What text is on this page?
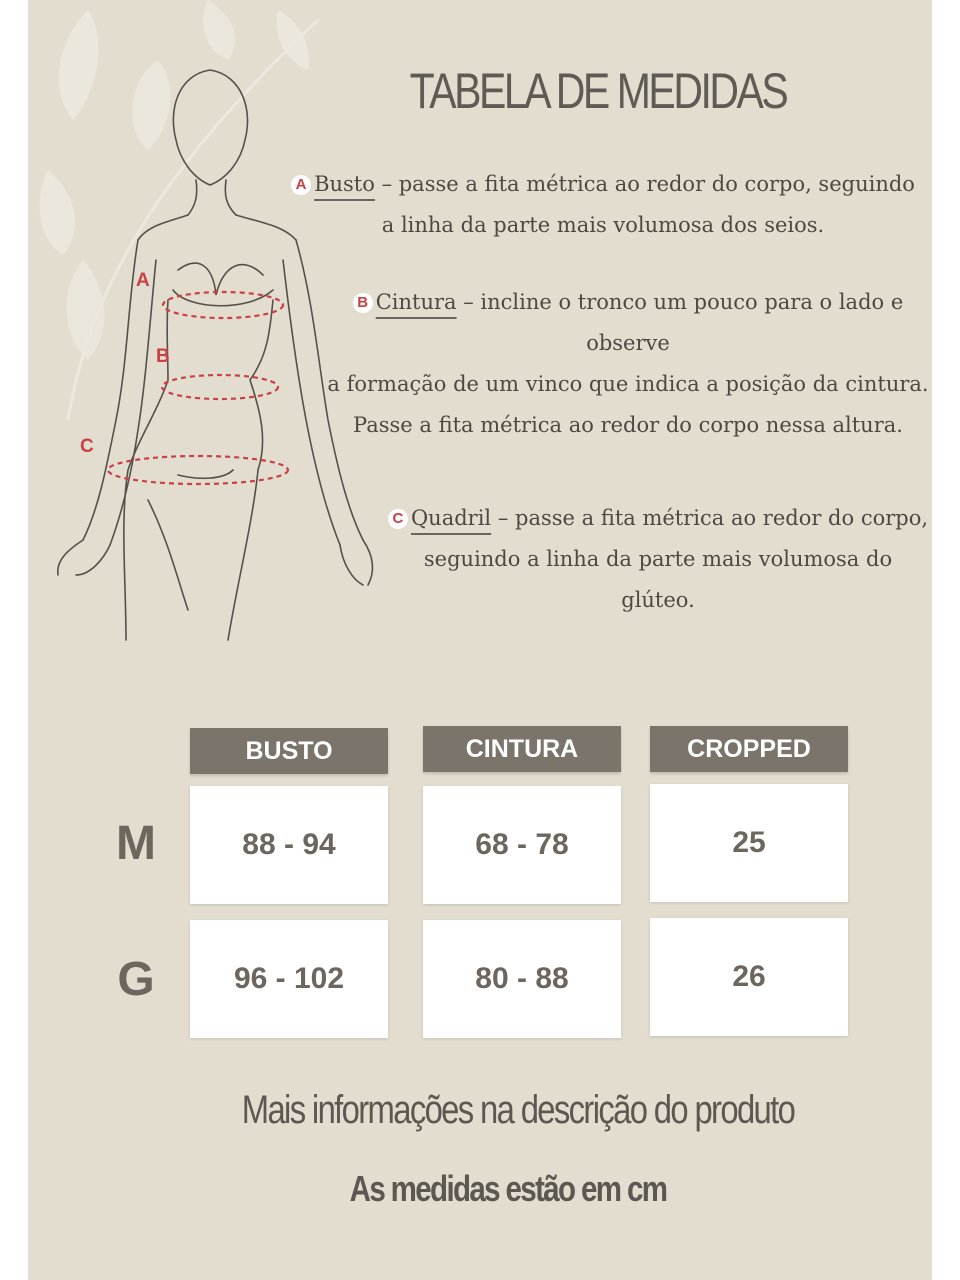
A
B
C
TABELA DE MEDIDAS
A Busto – passe a fita métrica ao redor do corpo, seguindo
a linha da parte mais volumosa dos seios.
B Cintura – incline o tronco um pouco para o lado e
observe
a formação de um vinco que indica a posição da cintura.
Passe a fita métrica ao redor do corpo nessa altura.
C Quadril – passe a fita métrica ao redor do corpo,
seguindo a linha da parte mais volumosa do
glúteo.
BUSTO	CINTURA	CROPPED
M	88 - 94	68 - 78	25
G	96 - 102	80 - 88	26
Mais informações na descrição do produto
As medidas estão em cm
